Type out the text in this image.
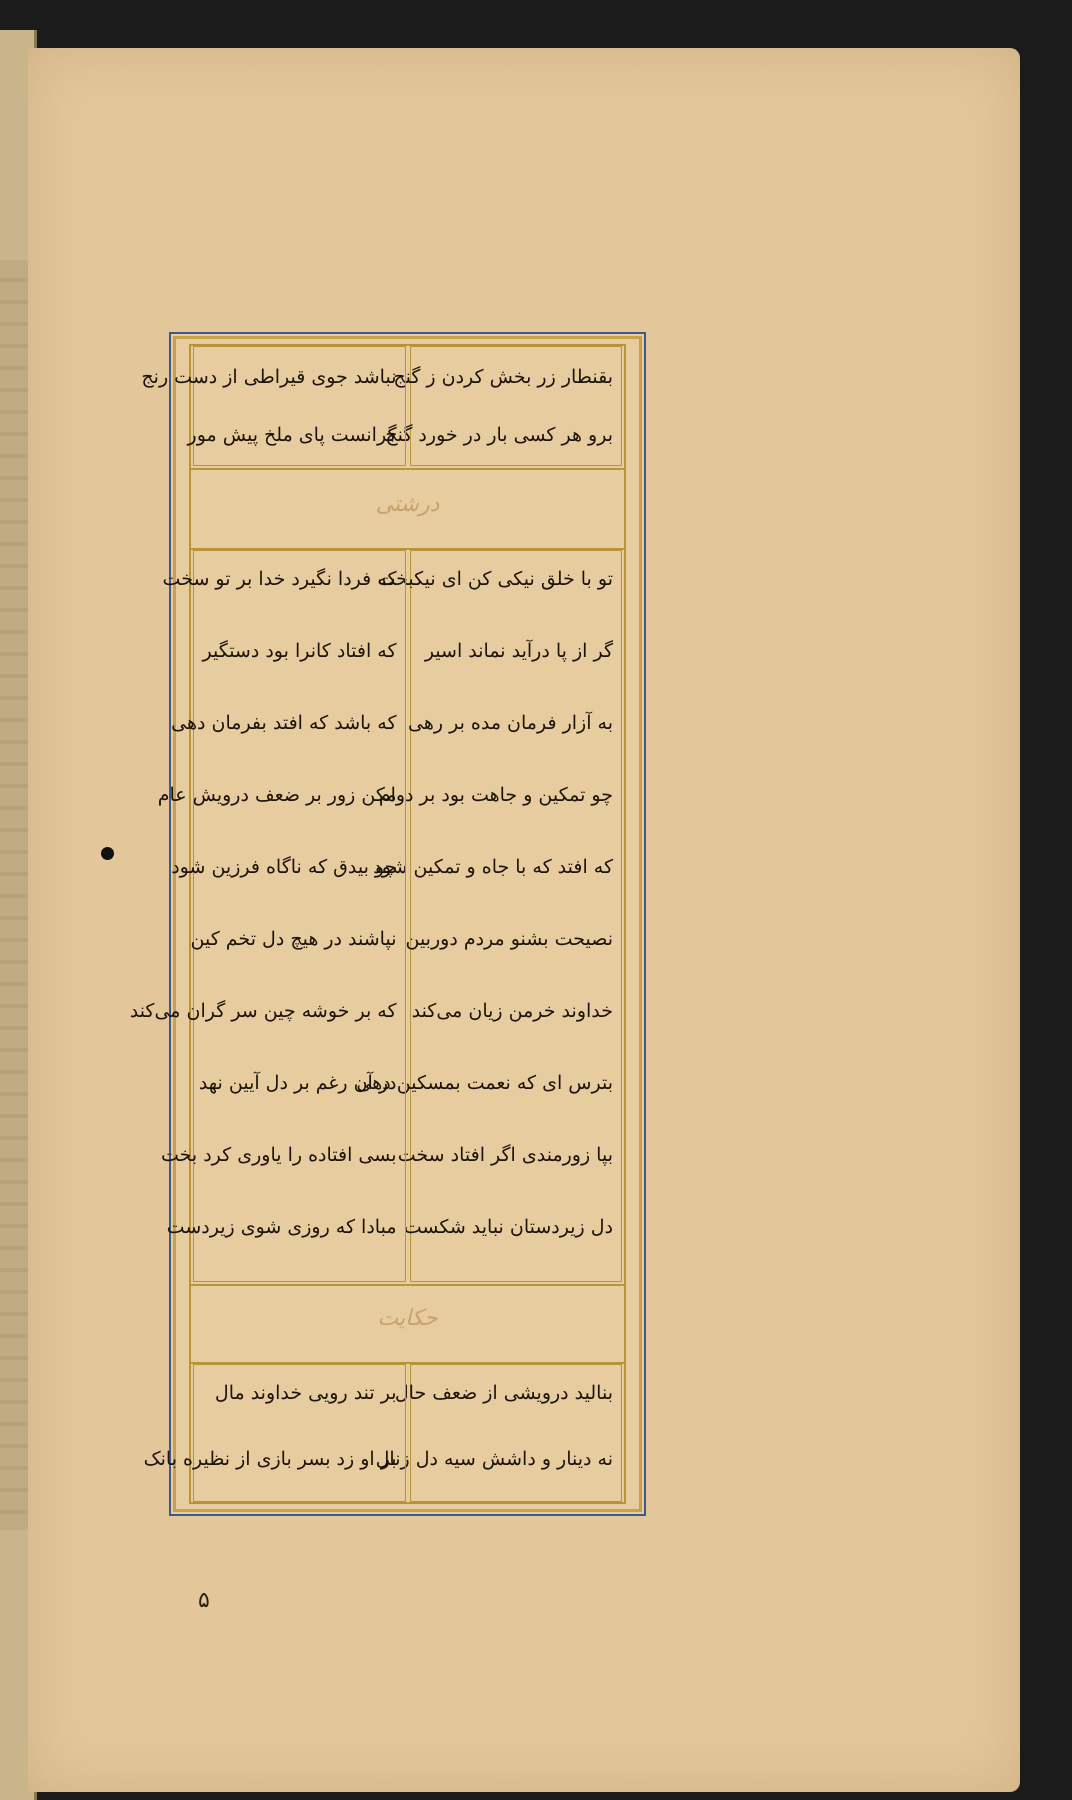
بقنطار زر بخش کردن ز گنج
برو هر کسی بار در خورد گنج
نباشد جوی قیراطی از دست رنج
گرانست پای ملخ پیش مور
درشتی
تو با خلق نیکی کن ای نیکبخت
گر از پا درآید نماند اسیر
به آزار فرمان مده بر رهی
چو تمکین و جاهت بود بر دوام
که افتد که با جاه و تمکین شود
نصیحت بشنو مردم دوربین
خداوند خرمن زیان می‌کند
بترس ای که نعمت بمسکین دهی
بپا زورمندی اگر افتاد سخت
دل زیردستان نباید شکست
که فردا نگیرد خدا بر تو سخت
که افتاد کانرا بود دستگیر
که باشد که افتد بفرمان دهی
مکن زور بر ضعف درویش عام
چو بیدق که ناگاه فرزین شود
نپاشند در هیچ دل تخم کین
که بر خوشه چین سر گران می‌کند
در آن رغم بر دل آیین نهد
بسی افتاده را یاوری کرد بخت
مبادا که روزی شوی زیردست
حکایت
بنالید درویشی از ضعف حال
نه دینار و داشش سیه دل زنال
بر تند رویی خداوند مال
بر او زد بسر بازی از نظیره بانک
۵
